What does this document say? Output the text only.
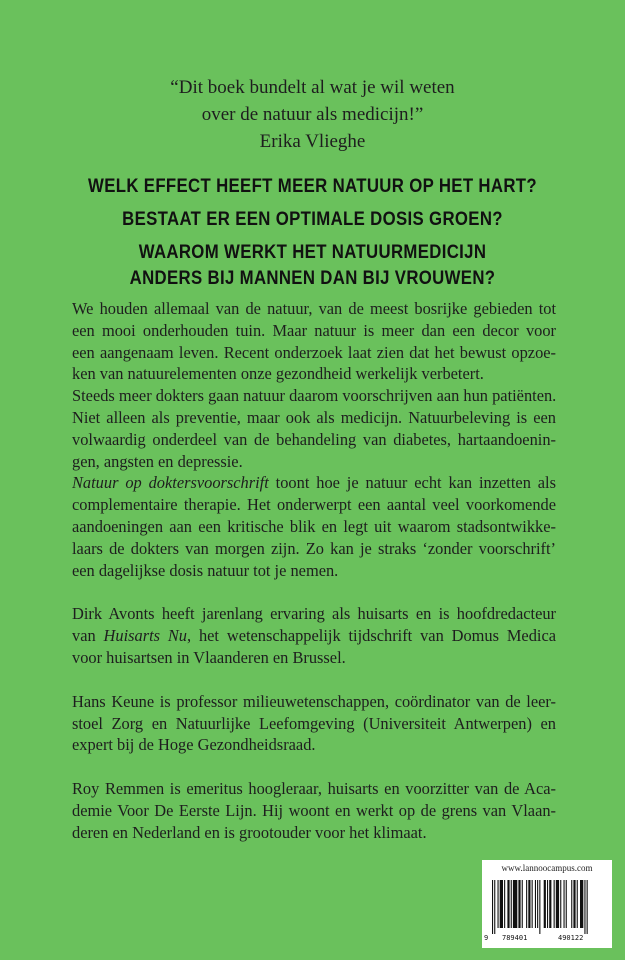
“Dit boek bundelt al wat je wil weten
over de natuur als medicijn!”
Erika Vlieghe
WELK EFFECT HEEFT MEER NATUUR OP HET HART?
BESTAAT ER EEN OPTIMALE DOSIS GROEN?
WAAROM WERKT HET NATUURMEDICIJN
ANDERS BIJ MANNEN DAN BIJ VROUWEN?
We houden allemaal van de natuur, van de meest bosrijke gebieden tot
een mooi onderhouden tuin. Maar natuur is meer dan een decor voor
een aangenaam leven. Recent onderzoek laat zien dat het bewust opzoe-
ken van natuurelementen onze gezondheid werkelijk verbetert.
Steeds meer dokters gaan natuur daarom voorschrijven aan hun patiënten.
Niet alleen als preventie, maar ook als medicijn. Natuurbeleving is een
volwaardig onderdeel van de behandeling van diabetes, hartaandoenin-
gen, angsten en depressie.
Natuur op doktersvoorschrift toont hoe je natuur echt kan inzetten als
complementaire therapie. Het onderwerpt een aantal veel voorkomende
aandoeningen aan een kritische blik en legt uit waarom stadsontwikke-
laars de dokters van morgen zijn. Zo kan je straks ‘zonder voorschrift’
een dagelijkse dosis natuur tot je nemen.
Dirk Avonts heeft jarenlang ervaring als huisarts en is hoofdredacteur
van Huisarts Nu, het wetenschappelijk tijdschrift van Domus Medica
voor huisartsen in Vlaanderen en Brussel.
Hans Keune is professor milieuwetenschappen, coördinator van de leer-
stoel Zorg en Natuurlijke Leefomgeving (Universiteit Antwerpen) en
expert bij de Hoge Gezondheidsraad.
Roy Remmen is emeritus hoogleraar, huisarts en voorzitter van de Aca-
demie Voor De Eerste Lijn. Hij woont en werkt op de grens van Vlaan-
deren en Nederland en is grootouder voor het klimaat.
www.lannoocampus.com
9 789401	490122
